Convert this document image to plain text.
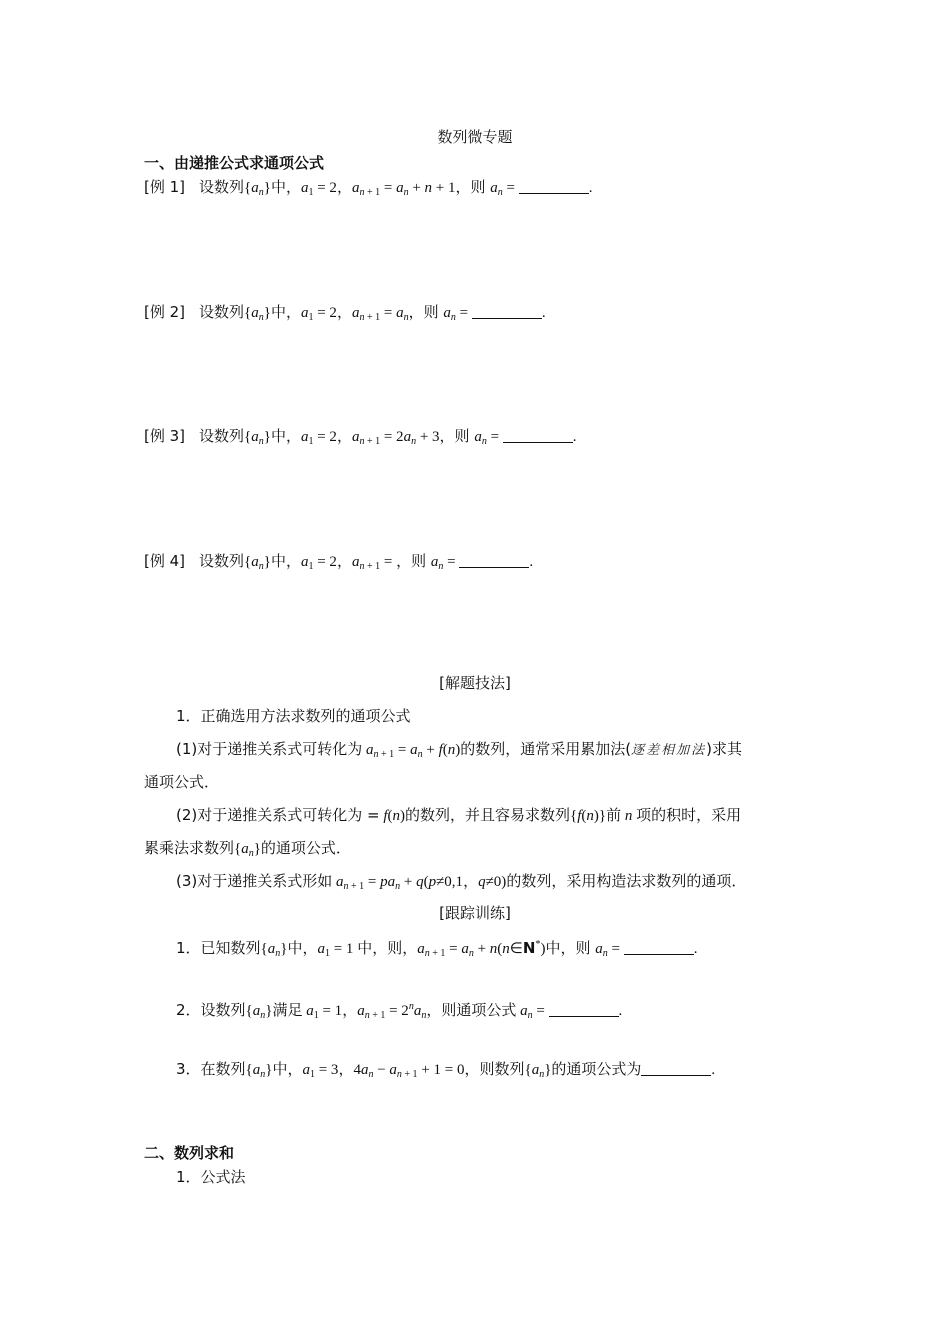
数列微专题
一、由递推公式求通项公式
[例 1] 设数列$\{a_n\}$中，$a_1 = 2$，$a_n$ $_{+ 1} = a_n + n + 1$，则 $a_n$ =	.
[例 2] 设数列$\{a_n\}$中，$a_1 = 2$，$a_n$ $_{+ 1} = a_n$，则 $a_n$ =	.
[例 3] 设数列$\{a_n\}$中，$a_1 = 2$，$a_n$ $_{+ 1} = 2a_n + 3$，则 $a_n$ =	.
[例 4] 设数列$\{a_n\}$中，$a_1 = 2$，$a_n$ $_{+ 1}$ = ，则 $a_n$ =	.
[解题技法]
1．正确选用方法求数列的通项公式
(1)对于递推关系式可转化为 $a_n$ $_{+ 1} = a_n + f(n)$的数列，通常采用累加法(逐差相加法)求其
通项公式．
(2)对于递推关系式可转化为 = f(n)的数列，并且容易求数列{f(n)}前 n 项的积时，采用
累乘法求数列$\{a_n\}$的通项公式．
(3)对于递推关系式形如 $a_n$ $_{+ 1} = pa_n + q(p\ne 0,1$，q≠0)的数列，采用构造法求数列的通项．
[跟踪训练]
1．已知数列$\{a_n\}$中，$a_1 = 1$ 中，则，$a_n$ $_{+ 1} = a_n$ + n(n∈N*)中，则 $a_n$ =	.
2．设数列$\{a_n\}$满足 $a_1 = 1$，$a_n$ $_{+ 1} = 2^na_n$，则通项公式 $a_n$ =	.
3．在数列$\{a_n\}$中，$a_1 = 3$，$4a_n - a_n$ $_{+ 1}$ + 1 = 0，则数列$\{a_n\}$的通项公式为	.
二、数列求和
1．公式法
